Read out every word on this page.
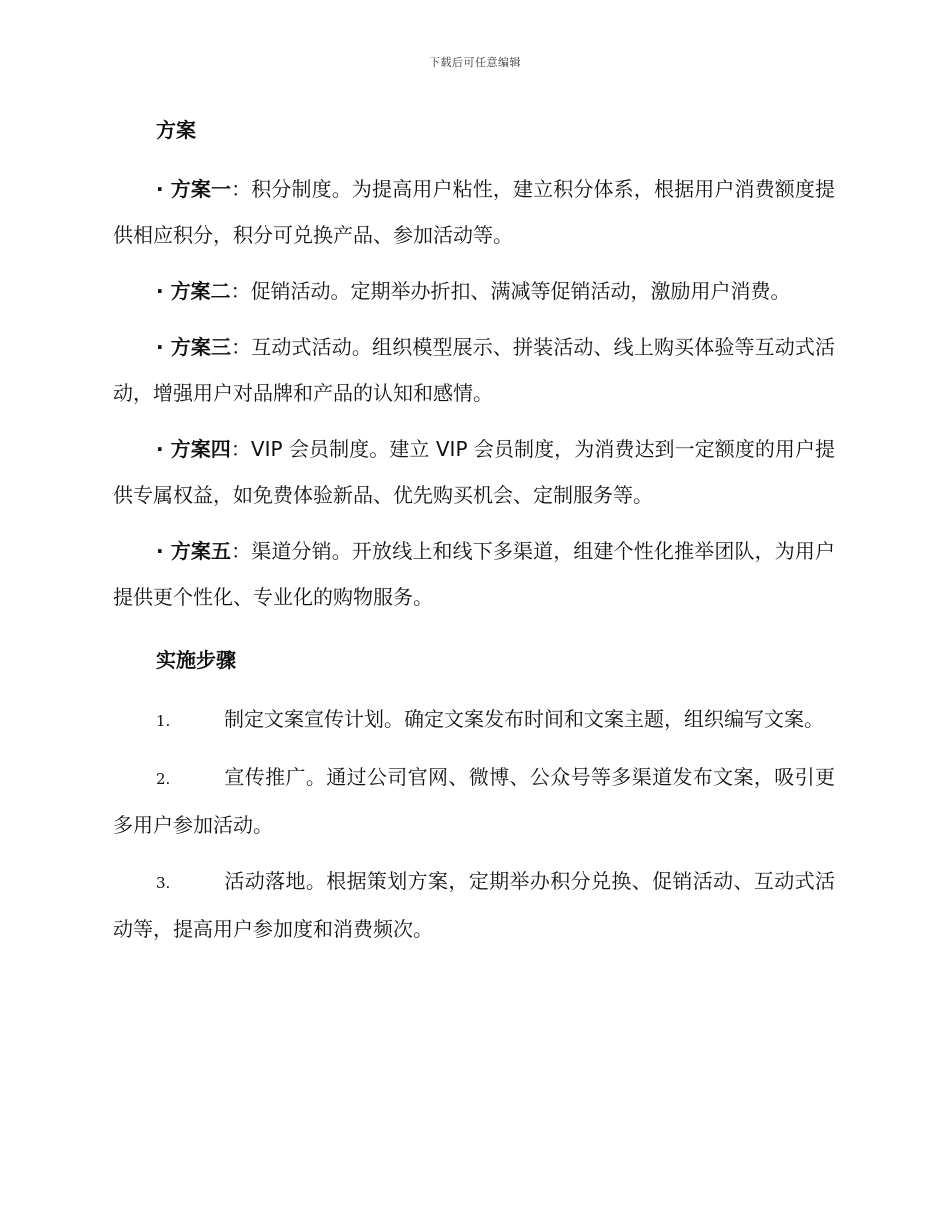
下载后可任意编辑
方案

· 方案一：积分制度。为提高用户粘性，建立积分体系，根据用户消费额度提供相应积分，积分可兑换产品、参加活动等。

· 方案二：促销活动。定期举办折扣、满减等促销活动，激励用户消费。

· 方案三：互动式活动。组织模型展示、拼装活动、线上购买体验等互动式活动，增强用户对品牌和产品的认知和感情。

· 方案四：VIP 会员制度。建立 VIP 会员制度，为消费达到一定额度的用户提供专属权益，如免费体验新品、优先购买机会、定制服务等。

· 方案五：渠道分销。开放线上和线下多渠道，组建个性化推举团队，为用户提供更个性化、专业化的购物服务。

实施步骤

1.	制定文案宣传计划。确定文案发布时间和文案主题，组织编写文案。

2.	宣传推广。通过公司官网、微博、公众号等多渠道发布文案，吸引更多用户参加活动。

3.	活动落地。根据策划方案，定期举办积分兑换、促销活动、互动式活动等，提高用户参加度和消费频次。
